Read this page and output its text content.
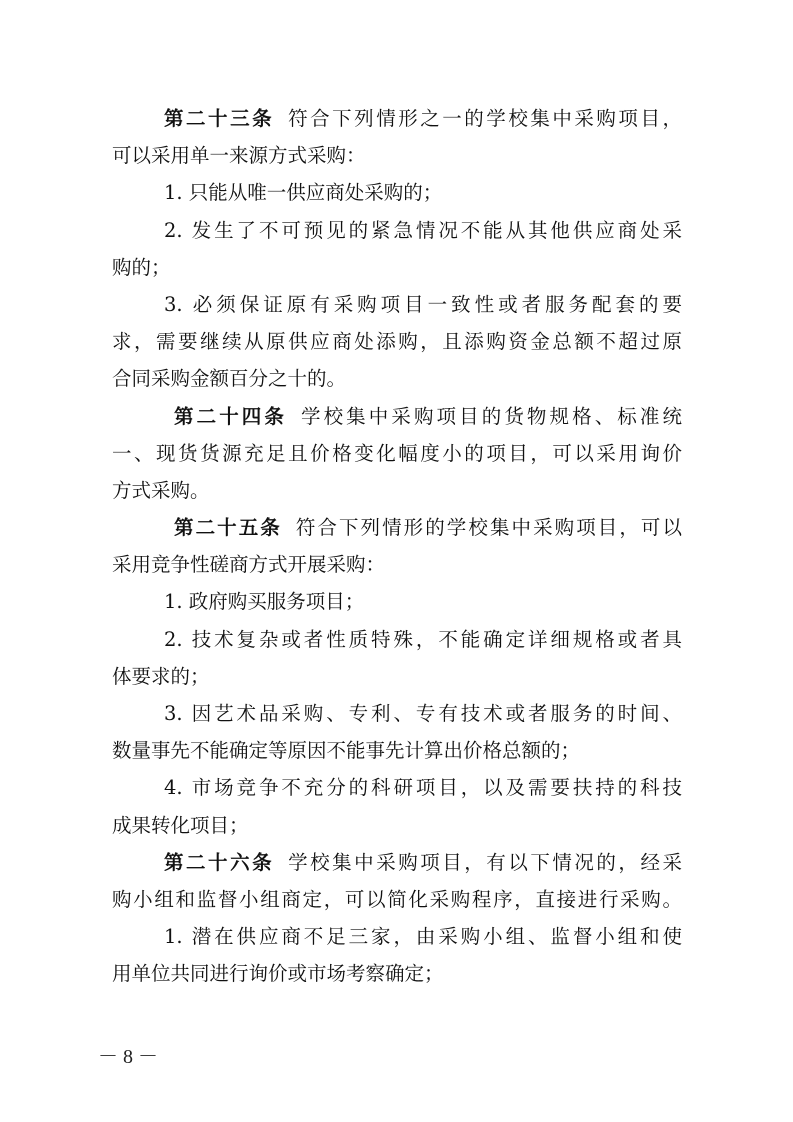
第二十三条 符合下列情形之一的学校集中采购项目，
可以采用单一来源方式采购：
1. 只能从唯一供应商处采购的；
2. 发生了不可预见的紧急情况不能从其他供应商处采
购的；
3. 必须保证原有采购项目一致性或者服务配套的要
求，需要继续从原供应商处添购，且添购资金总额不超过原
合同采购金额百分之十的。
第二十四条 学校集中采购项目的货物规格、标准统
一、现货货源充足且价格变化幅度小的项目，可以采用询价
方式采购。
第二十五条 符合下列情形的学校集中采购项目，可以
采用竞争性磋商方式开展采购：
1. 政府购买服务项目；
2. 技术复杂或者性质特殊，不能确定详细规格或者具
体要求的；
3. 因艺术品采购、专利、专有技术或者服务的时间、
数量事先不能确定等原因不能事先计算出价格总额的；
4. 市场竞争不充分的科研项目，以及需要扶持的科技
成果转化项目；
第二十六条 学校集中采购项目，有以下情况的，经采
购小组和监督小组商定，可以简化采购程序，直接进行采购。
1. 潜在供应商不足三家，由采购小组、监督小组和使
用单位共同进行询价或市场考察确定；
－ 8 －
